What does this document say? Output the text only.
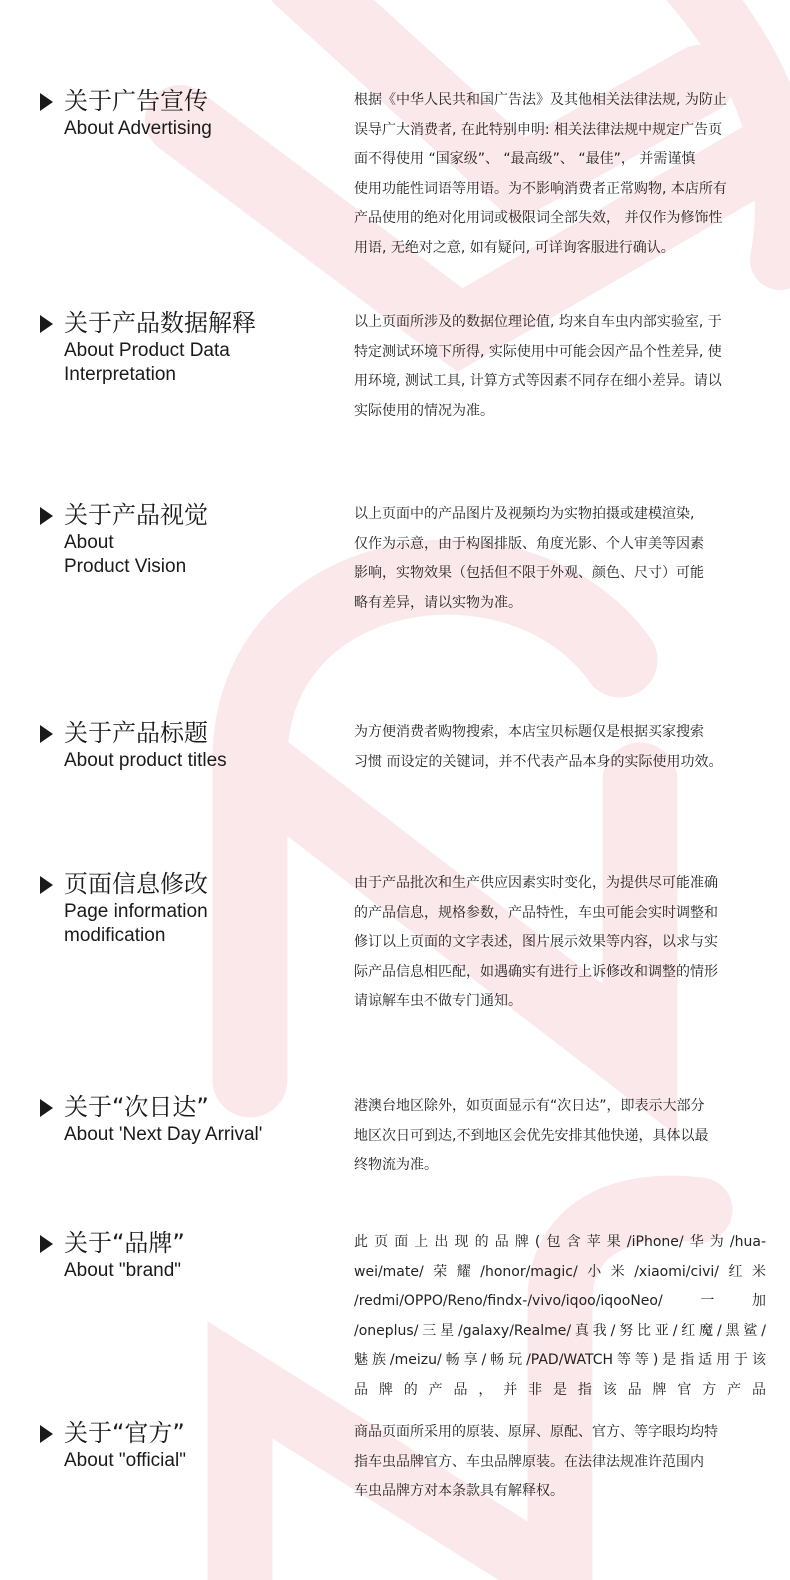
关于广告宣传
About Advertising
根据《中华人民共和国广告法》及其他相关法律法规, 为防止
误导广大消费者, 在此特别申明: 相关法律法规中规定广告页
面不得使用 “国家级”、 “最高级”、 “最佳”， 并需谨慎
使用功能性词语等用语。为不影响消费者正常购物, 本店所有
产品使用的绝对化用词或极限词全部失效， 并仅作为修饰性
用语, 无绝对之意, 如有疑问, 可详询客服进行确认。
关于产品数据解释
About Product Data
Interpretation
以上页面所涉及的数据位理论值, 均来自车虫内部实验室, 于
特定测试环境下所得, 实际使用中可能会因产品个性差异, 使
用环境, 测试工具, 计算方式等因素不同存在细小差异。请以
实际使用的情况为准。
关于产品视觉
About
Product Vision
以上页面中的产品图片及视频均为实物拍摄或建模渲染,
仅作为示意，由于构图排版、角度光影、个人审美等因素
影响，实物效果（包括但不限于外观、颜色、尺寸）可能
略有差异，请以实物为准。
关于产品标题
About product titles
为方便消费者购物搜索，本店宝贝标题仅是根据买家搜索
习惯 而设定的关键词，并不代表产品本身的实际使用功效。
页面信息修改
Page information
modification
由于产品批次和生产供应因素实时变化，为提供尽可能准确
的产品信息，规格参数，产品特性，车虫可能会实时调整和
修订以上页面的文字表述，图片展示效果等内容，以求与实
际产品信息相匹配，如遇确实有进行上诉修改和调整的情形
请谅解车虫不做专门通知。
关于“次日达”
About 'Next Day Arrival'
港澳台地区除外，如页面显示有“次日达”，即表示大部分
地区次日可到达,不到地区会优先安排其他快递，具体以最
终物流为准。
关于“品牌”
About "brand"
此页面上出现的品牌(包含苹果/iPhone/华为/hua-
wei/mate/荣耀/honor/magic/小米/xiaomi/civi/红米
/redmi/OPPO/Reno/findx-/vivo/iqoo/iqooNeo/一加
/oneplus/三星/galaxy/Realme/真我/努比亚/红魔/黑鲨/
魅族/meizu/畅享/畅玩/PAD/WATCH等等)是指适用于该
品 牌 的 产 品 ， 并 非 是 指 该 品 牌 官 方 产 品
关于“官方”
About "official"
商品页面所采用的原装、原屏、原配、官方、等字眼均均特
指车虫品牌官方、车虫品牌原装。在法律法规准许范围内
车虫品牌方对本条款具有解释权。
